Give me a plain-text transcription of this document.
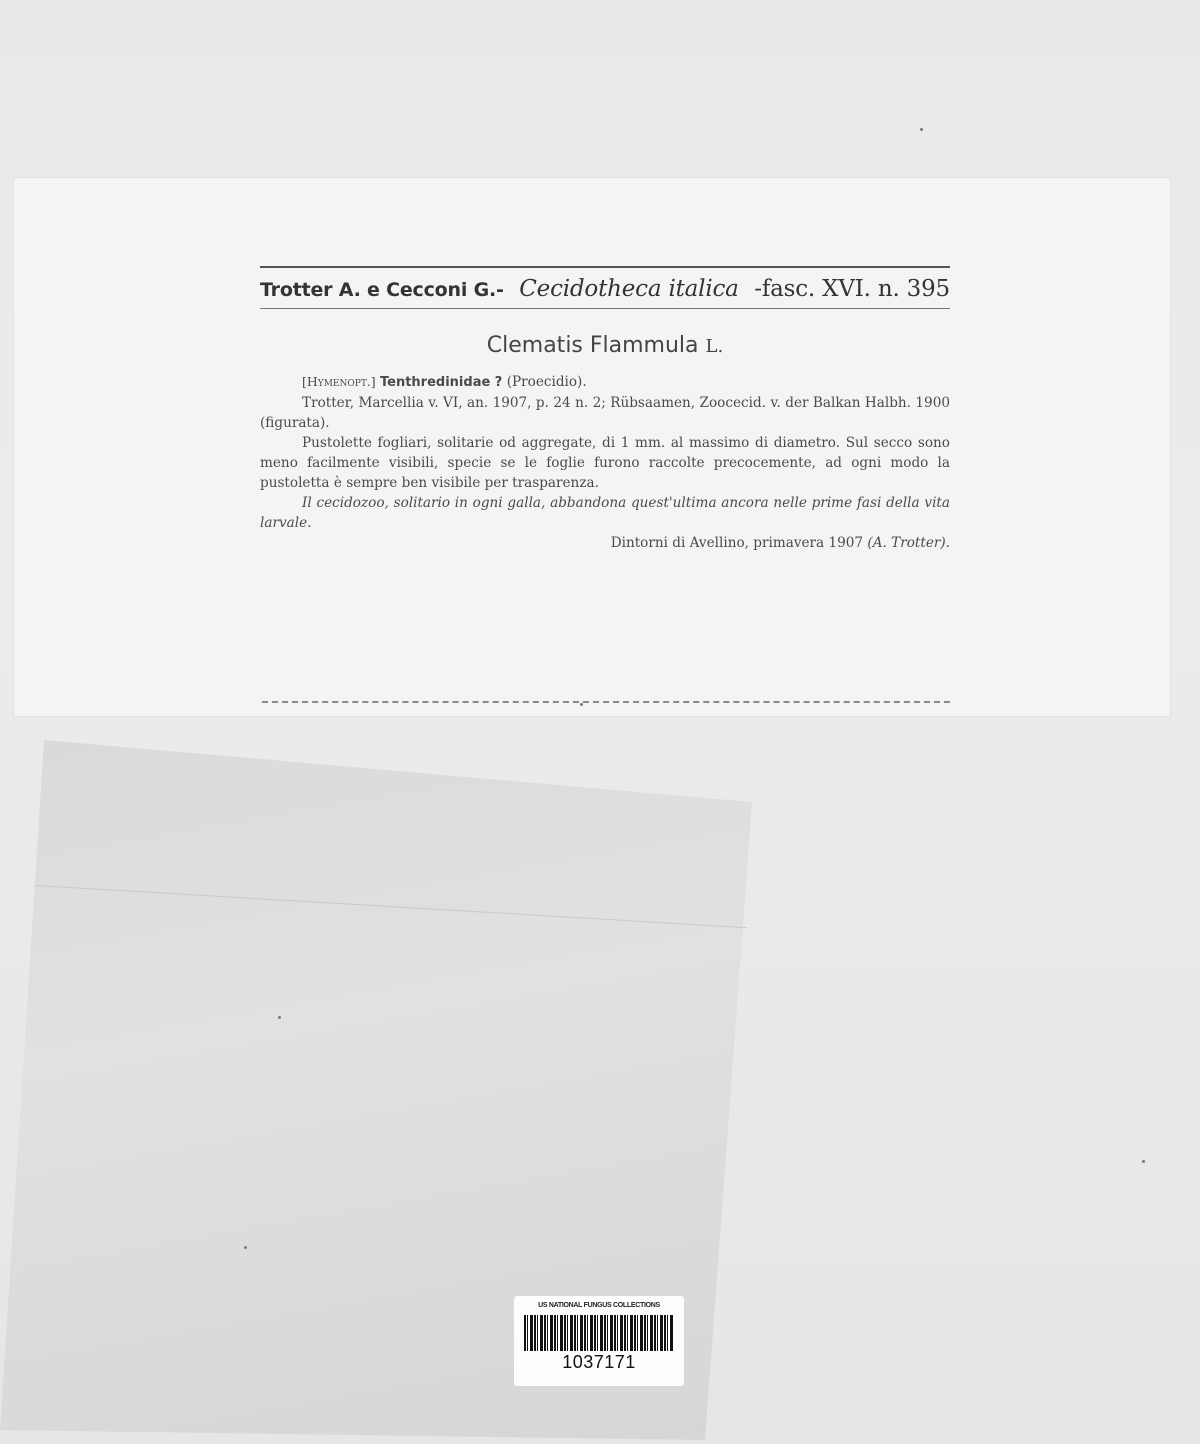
Trotter A. e Cecconi G.- Cecidotheca italica -fasc. XVI. n. 395
Clematis Flammula L.

[Hymenopt.] Tenthredinidae ? (Proecidio).

Trotter, Marcellia v. VI, an. 1907, p. 24 n. 2; Rübsaamen, Zoocecid. v. der Balkan Halbh. 1900 (figurata).

Pustolette fogliari, solitarie od aggregate, di 1 mm. al massimo di diametro. Sul secco sono meno facilmente visibili, specie se le foglie furono raccolte precocemente, ad ogni modo la pustoletta è sempre ben visibile per trasparenza.

Il cecidozoo, solitario in ogni galla, abbandona quest'ultima ancora nelle prime fasi della vita larvale.

Dintorni di Avellino, primavera 1907 (A. Trotter).

US NATIONAL FUNGUS COLLECTIONS
1037171
